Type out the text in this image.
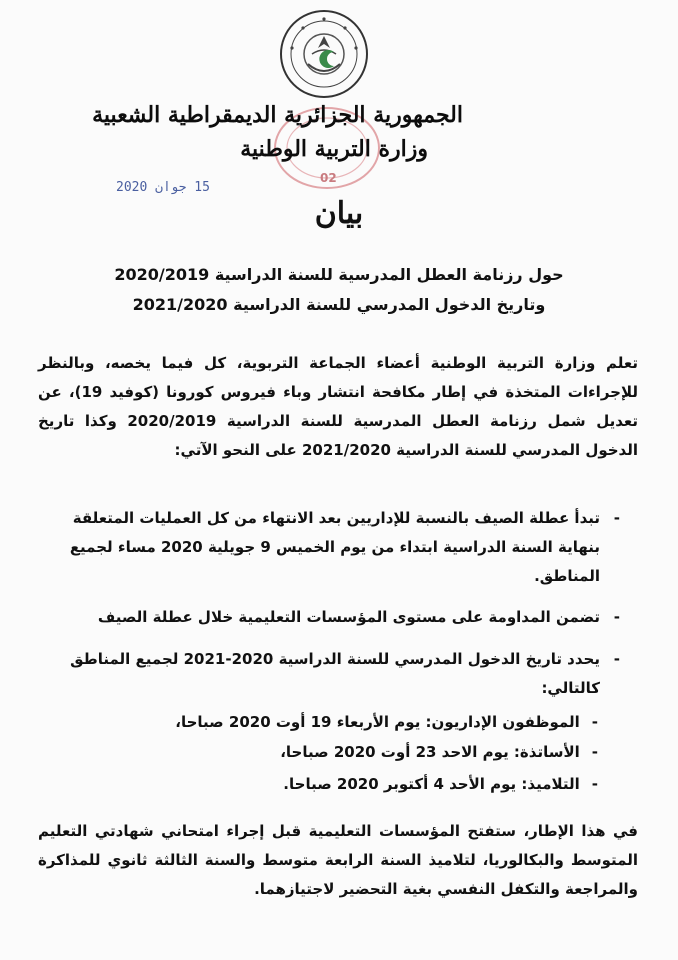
الجمهورية الجزائرية الديمقراطية الشعبية
وزارة التربية الوطنية
15 جوان 2020
02
بيان
حول رزنامة العطل المدرسية للسنة الدراسية 2020/2019
وتاريخ الدخول المدرسي للسنة الدراسية 2021/2020
تعلم وزارة التربية الوطنية أعضاء الجماعة التربوية، كل فيما يخصه، وبالنظر للإجراءات المتخذة في إطار مكافحة انتشار وباء فيروس كورونا (كوفيد 19)، عن تعديل شمل رزنامة العطل المدرسية للسنة الدراسية 2020/2019 وكذا تاريخ الدخول المدرسي للسنة الدراسية 2021/2020 على النحو الآتي:
-
تبدأ عطلة الصيف بالنسبة للإداريين بعد الانتهاء من كل العمليات المتعلقة بنهاية السنة الدراسية ابتداء من يوم الخميس 9 جويلية 2020 مساء لجميع المناطق.
-
تضمن المداومة على مستوى المؤسسات التعليمية خلال عطلة الصيف
-
يحدد تاريخ الدخول المدرسي للسنة الدراسية 2020-2021 لجميع المناطق كالتالي:
-الموظفون الإداريون: يوم الأربعاء 19 أوت 2020 صباحا،
-الأساتذة: يوم الاحد 23 أوت 2020 صباحا،
-التلاميذ: يوم الأحد 4 أكتوبر 2020 صباحا.
في هذا الإطار، ستفتح المؤسسات التعليمية قبل إجراء امتحاني شهادتي التعليم المتوسط والبكالوريا، لتلاميذ السنة الرابعة متوسط والسنة الثالثة ثانوي للمذاكرة والمراجعة والتكفل النفسي بغية التحضير لاجتيازهما.
